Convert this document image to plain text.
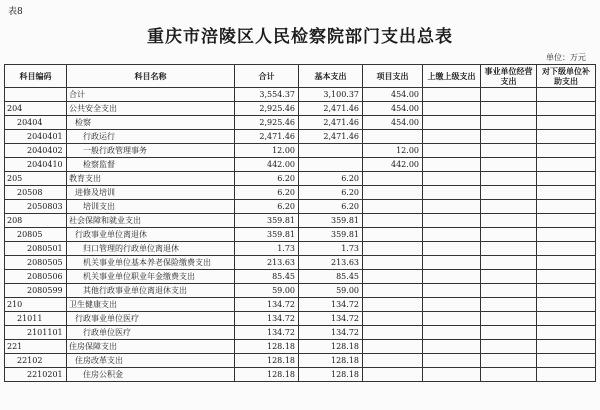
表8
重庆市涪陵区人民检察院部门支出总表
单位：万元
科目编码	科目名称	合计	基本支出	项目支出	上缴上级支出	事业单位经营支出	对下级单位补助支出
	合计	3,554.37	3,100.37	454.00			
204	公共安全支出	2,925.46	2,471.46	454.00			
20404	检察	2,925.46	2,471.46	454.00			
2040401	行政运行	2,471.46	2,471.46				
2040402	一般行政管理事务	12.00		12.00			
2040410	检察监督	442.00		442.00			
205	教育支出	6.20	6.20				
20508	进修及培训	6.20	6.20				
2050803	培训支出	6.20	6.20				
208	社会保障和就业支出	359.81	359.81				
20805	行政事业单位离退休	359.81	359.81				
2080501	归口管理的行政单位离退休	1.73	1.73				
2080505	机关事业单位基本养老保险缴费支出	213.63	213.63				
2080506	机关事业单位职业年金缴费支出	85.45	85.45				
2080599	其他行政事业单位离退休支出	59.00	59.00				
210	卫生健康支出	134.72	134.72				
21011	行政事业单位医疗	134.72	134.72				
2101101	行政单位医疗	134.72	134.72				
221	住房保障支出	128.18	128.18				
22102	住房改革支出	128.18	128.18				
2210201	住房公积金	128.18	128.18				
